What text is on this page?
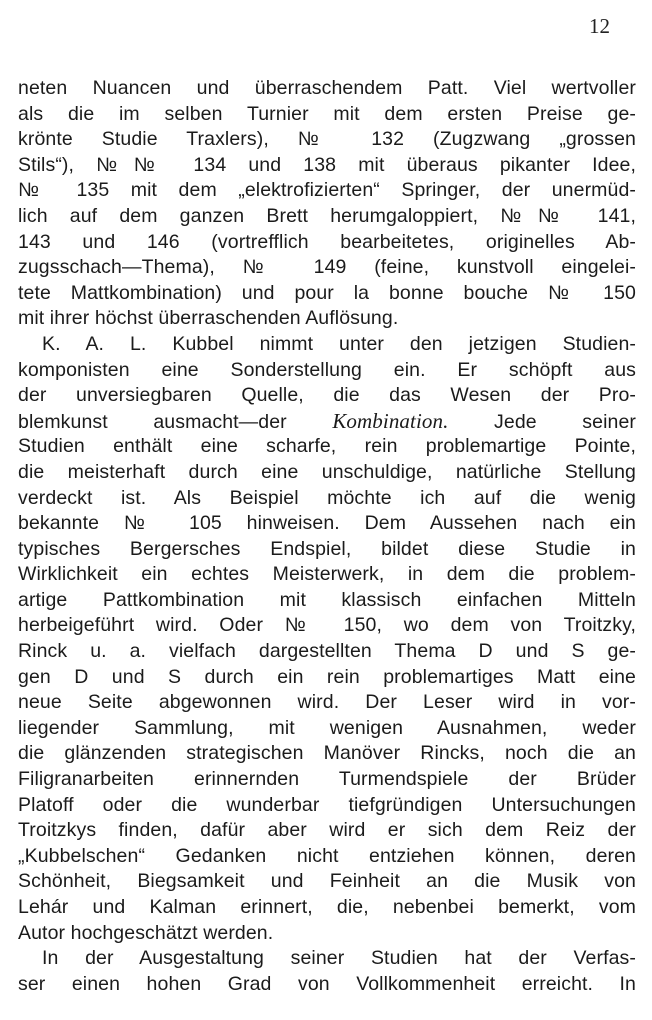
12
neten Nuancen und überraschendem Patt. Viel wertvoller
als die im selben Turnier mit dem ersten Preise ge-
krönte Studie Traxlers), № 132 (Zugzwang „grossen
Stils“), №№ 134 und 138 mit überaus pikanter Idee,
№ 135 mit dem „elektrofizierten“ Springer, der unermüd-
lich auf dem ganzen Brett herumgaloppiert, №№ 141,
143 und 146 (vortrefflich bearbeitetes, originelles Ab-
zugsschach—Thema), № 149 (feine, kunstvoll eingelei-
tete Mattkombination) und pour la bonne bouche № 150
mit ihrer höchst überraschenden Auflösung.
K. A. L. Kubbel nimmt unter den jetzigen Studien-
komponisten eine Sonderstellung ein. Er schöpft aus
der unversiegbaren Quelle, die das Wesen der Pro-
blemkunst ausmacht—der Kombination. Jede seiner
Studien enthält eine scharfe, rein problemartige Pointe,
die meisterhaft durch eine unschuldige, natürliche Stellung
verdeckt ist. Als Beispiel möchte ich auf die wenig
bekannte № 105 hinweisen. Dem Aussehen nach ein
typisches Bergersches Endspiel, bildet diese Studie in
Wirklichkeit ein echtes Meisterwerk, in dem die problem-
artige Pattkombination mit klassisch einfachen Mitteln
herbeigeführt wird. Oder № 150, wo dem von Troitzky,
Rinck u. a. vielfach dargestellten Thema D und S ge-
gen D und S durch ein rein problemartiges Matt eine
neue Seite abgewonnen wird. Der Leser wird in vor-
liegender Sammlung, mit wenigen Ausnahmen, weder
die glänzenden strategischen Manöver Rincks, noch die an
Filigranarbeiten erinnernden Turmendspiele der Brüder
Platoff oder die wunderbar tiefgründigen Untersuchungen
Troitzkys finden, dafür aber wird er sich dem Reiz der
„Kubbelschen“ Gedanken nicht entziehen können, deren
Schönheit, Biegsamkeit und Feinheit an die Musik von
Lehár und Kalman erinnert, die, nebenbei bemerkt, vom
Autor hochgeschätzt werden.
In der Ausgestaltung seiner Studien hat der Verfas-
ser einen hohen Grad von Vollkommenheit erreicht. In
